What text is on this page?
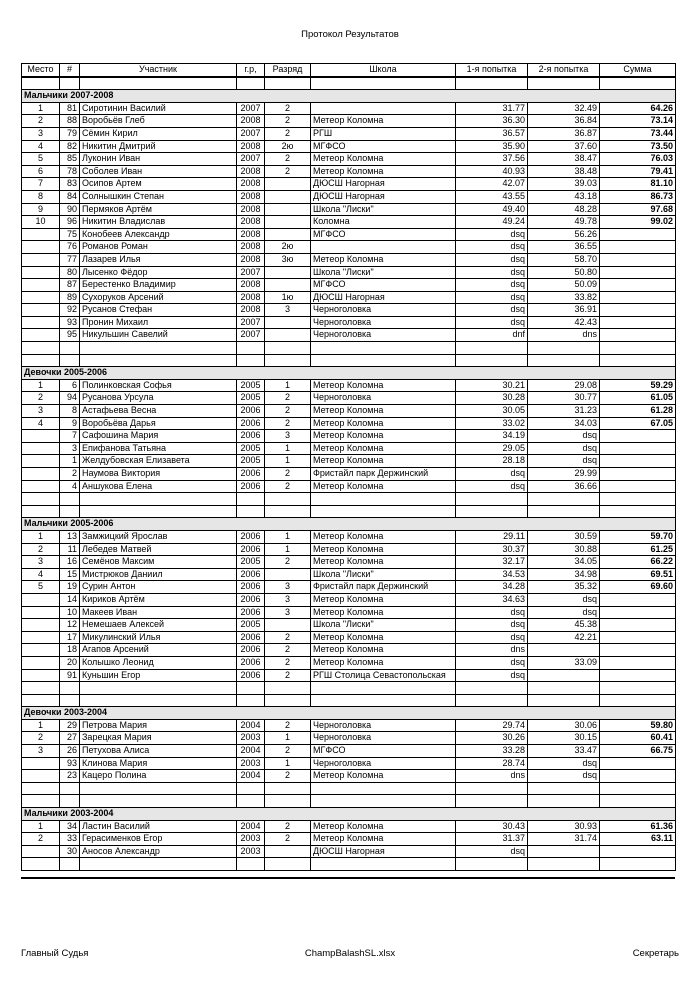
Протокол Результатов
Место	#	Участник	г.р,	Разряд	Школа	1-я попытка	2-я попытка	Сумма

Мальчики 2007-2008								
1	81	Сиротинин Василий	2007	2		31.77	32.49	64.26
2	88	Воробьёв Глеб	2008	2	Метеор Коломна	36.30	36.84	73.14
3	79	Сёмин Кирил	2007	2	РГШ	36.57	36.87	73.44
4	82	Никитин Дмитрий	2008	2ю	МГФСО	35.90	37.60	73.50
5	85	Луконин Иван	2007	2	Метеор Коломна	37.56	38.47	76.03
6	78	Соболев Иван	2008	2	Метеор Коломна	40.93	38.48	79.41
7	83	Осипов Артем	2008		ДЮСШ Нагорная	42.07	39.03	81.10
8	84	Солнышкин Степан	2008		ДЮСШ Нагорная	43.55	43.18	86.73
9	90	Пермяков Артём	2008		Школа "Лиски"	49.40	48.28	97.68
10	96	Никитин Владислав	2008		Коломна	49.24	49.78	99.02
	75	Конобеев Александр	2008		МГФСО	dsq	56.26	
	76	Романов Роман	2008	2ю		dsq	36.55	
	77	Лазарев Илья	2008	3ю	Метеор Коломна	dsq	58.70	
	80	Лысенко Фёдор	2007		Школа "Лиски"	dsq	50.80	
	87	Берестенко Владимир	2008		МГФСО	dsq	50.09	
	89	Сухоруков Арсений	2008	1ю	ДЮСШ Нагорная	dsq	33.82	
	92	Русанов Стефан	2008	3	Черноголовка	dsq	36.91	
	93	Пронин Михаил	2007		Черноголовка	dsq	42.43	
	95	Никульшин Савелий	2007		Черноголовка	dnf	dns	

Девочки 2005-2006								
1	6	Полинковская Софья	2005	1	Метеор Коломна	30.21	29.08	59.29
2	94	Русанова Урсула	2005	2	Черноголовка	30.28	30.77	61.05
3	8	Астафьева Весна	2006	2	Метеор Коломна	30.05	31.23	61.28
4	9	Воробьёва Дарья	2006	2	Метеор Коломна	33.02	34.03	67.05
	7	Сафошина Мария	2006	3	Метеор Коломна	34.19	dsq	
	3	Епифанова Татьяна	2005	1	Метеор Коломна	29.05	dsq	
	1	Желдубовская Елизавета	2005	1	Метеор Коломна	28.18	dsq	
	2	Наумова Виктория	2006	2	Фристайл парк Держинский	dsq	29.99	
	4	Аншукова Елена	2006	2	Метеор Коломна	dsq	36.66	

Мальчики 2005-2006								
1	13	Замжицкий Ярослав	2006	1	Метеор Коломна	29.11	30.59	59.70
2	11	Лебедев Матвей	2006	1	Метеор Коломна	30.37	30.88	61.25
3	16	Семёнов Максим	2005	2	Метеор Коломна	32.17	34.05	66.22
4	15	Мистрюков Даниил	2006		Школа "Лиски"	34.53	34.98	69.51
5	19	Сурин Антон	2006	3	Фристайл парк Держинский	34.28	35.32	69.60
	14	Кириков Артём	2006	3	Метеор Коломна	34.63	dsq	
	10	Макеев Иван	2006	3	Метеор Коломна	dsq	dsq	
	12	Немешаев Алексей	2005		Школа "Лиски"	dsq	45.38	
	17	Микулинский Илья	2006	2	Метеор Коломна	dsq	42.21	
	18	Агапов Арсений	2006	2	Метеор Коломна	dns		
	20	Колышко Леонид	2006	2	Метеор Коломна	dsq	33.09	
	91	Куньшин Егор	2006	2	РГШ Столица Севастопольская	dsq		

Девочки 2003-2004								
1	29	Петрова Мария	2004	2	Черноголовка	29.74	30.06	59.80
2	27	Зарецкая Мария	2003	1	Черноголовка	30.26	30.15	60.41
3	26	Петухова Алиса	2004	2	МГФСО	33.28	33.47	66.75
	93	Клинова Мария	2003	1	Черноголовка	28.74	dsq	
	23	Кацеро Полина	2004	2	Метеор Коломна	dns	dsq	

Мальчики 2003-2004								
1	34	Ластин Василий	2004	2	Метеор Коломна	30.43	30.93	61.36
2	33	Герасименков Егор	2003	2	Метеор Коломна	31.37	31.74	63.11
	30	Аносов Александр	2003		ДЮСШ Нагорная	dsq		

Главный Судья	ChampBalashSL.xlsx	Секретарь
